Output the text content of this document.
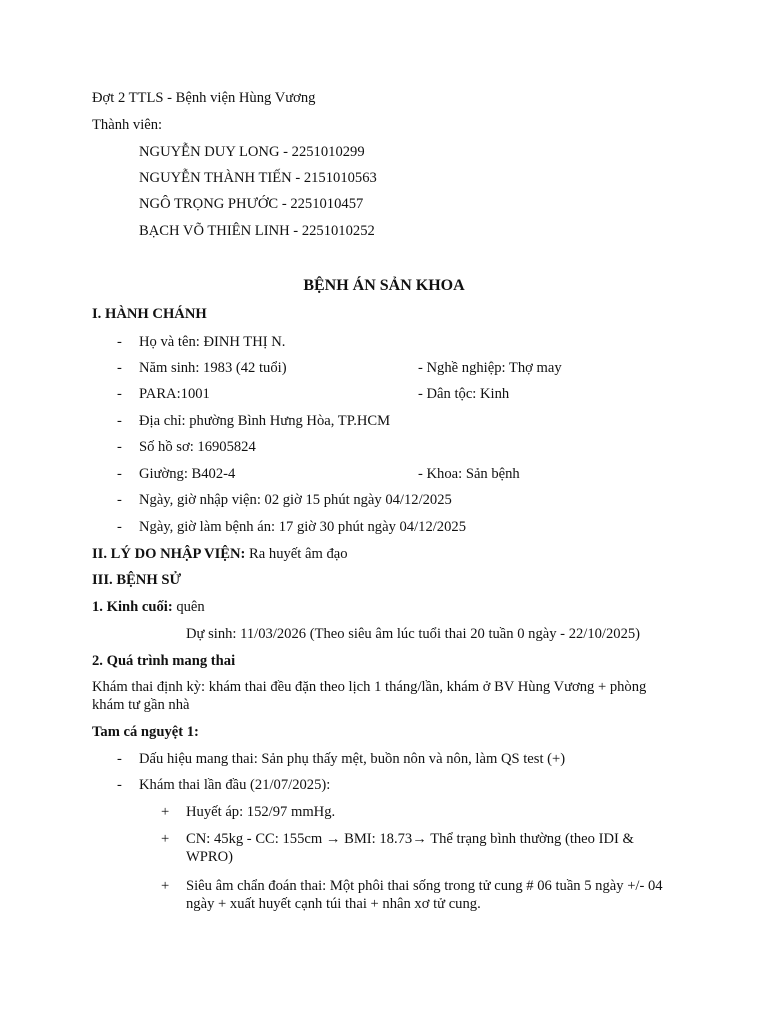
Đợt 2 TTLS - Bệnh viện Hùng Vương
Thành viên:
NGUYỄN DUY LONG - 2251010299
NGUYỄN THÀNH TIẾN - 2151010563
NGÔ TRỌNG PHƯỚC - 2251010457
BẠCH VÕ THIÊN LINH - 2251010252
BỆNH ÁN SẢN KHOA
I. HÀNH CHÁNH
- Họ và tên: ĐINH THỊ N.
- Năm sinh: 1983 (42 tuổi)	- Nghề nghiệp: Thợ may
- PARA:1001	- Dân tộc: Kinh
- Địa chỉ: phường Bình Hưng Hòa, TP.HCM
- Số hồ sơ: 16905824
- Giường: B402-4	- Khoa: Sản bệnh
- Ngày, giờ nhập viện: 02 giờ 15 phút ngày 04/12/2025
- Ngày, giờ làm bệnh án: 17 giờ 30 phút ngày 04/12/2025
II. LÝ DO NHẬP VIỆN: Ra huyết âm đạo
III. BỆNH SỬ
1. Kinh cuối: quên
Dự sinh: 11/03/2026 (Theo siêu âm lúc tuổi thai 20 tuần 0 ngày - 22/10/2025)
2. Quá trình mang thai
Khám thai định kỳ: khám thai đều đặn theo lịch 1 tháng/lần, khám ở BV Hùng Vương + phòng khám tư gần nhà
Tam cá nguyệt 1:
- Dấu hiệu mang thai: Sản phụ thấy mệt, buồn nôn và nôn, làm QS test (+)
- Khám thai lần đầu (21/07/2025):
+ Huyết áp: 152/97 mmHg.
+ CN: 45kg - CC: 155cm → BMI: 18.73→ Thể trạng bình thường (theo IDI & WPRO)
+ Siêu âm chẩn đoán thai: Một phôi thai sống trong tử cung # 06 tuần 5 ngày +/- 04 ngày + xuất huyết cạnh túi thai + nhân xơ tử cung.
